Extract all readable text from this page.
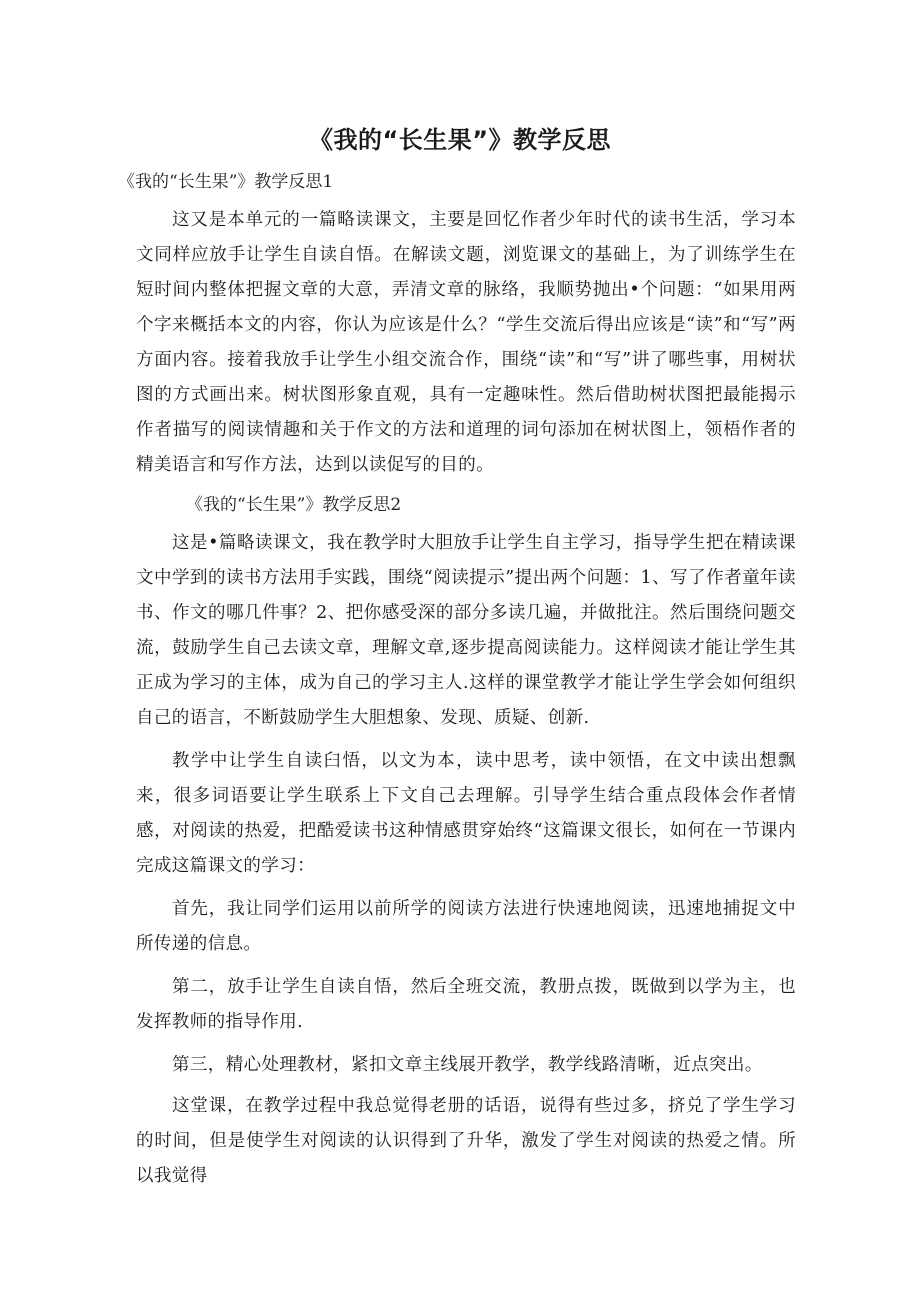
《我的“长生果”》教学反思

《我的“长生果”》教学反思1

这又是本单元的一篇略读课文，主要是回忆作者少年时代的读书生活，学习本文同样应放手让学生自读自悟。在解读文题，浏览课文的基础上，为了训练学生在短时间内整体把握文章的大意，弄清文章的脉络，我顺势抛出•个问题：“如果用两个字来概括本文的内容，你认为应该是什么？“学生交流后得出应该是“读”和“写”两方面内容。接着我放手让学生小组交流合作，围绕“读”和“写”讲了哪些事，用树状图的方式画出来。树状图形象直观，具有一定趣味性。然后借助树状图把最能揭示作者描写的阅读情趣和关于作文的方法和道理的词句添加在树状图上，领梧作者的精美语言和写作方法，达到以读促写的目的。

《我的“长生果”》教学反思2

这是•篇略读课文，我在教学时大胆放手让学生自主学习，指导学生把在精读课文中学到的读书方法用手实践，围绕“阅读提示”提出两个问题：1、写了作者童年读书、作文的哪几件事？2、把你感受深的部分多读几遍，并做批注。然后围绕问题交流，鼓励学生自己去读文章，理解文章,逐步提高阅读能力。这样阅读才能让学生其正成为学习的主体，成为自己的学习主人.这样的课堂教学才能让学生学会如何组织自己的语言，不断鼓励学生大胆想象、发现、质疑、创新.

教学中让学生自读臼悟，以文为本，读中思考，读中领悟，在文中读出想飘来，很多词语要让学生联系上下文自己去理解。引导学生结合重点段体会作者情感，对阅读的热爱，把酷爱读书这种情感贯穿始终“这篇课文很长，如何在一节课内完成这篇课文的学习：

首先，我让同学们运用以前所学的阅读方法进行快速地阅读，迅速地捕捉文中所传递的信息。

第二，放手让学生自读自悟，然后全班交流，教册点拨，既做到以学为主，也发挥教师的指导作用.

第三，精心处理教材，紧扣文章主线展开教学，教学线路清晰，近点突出。

这堂课，在教学过程中我总觉得老册的话语，说得有些过多，挤兑了学生学习的时间，但是使学生对阅读的认识得到了升华，激发了学生对阅读的热爱之情。所以我觉得
